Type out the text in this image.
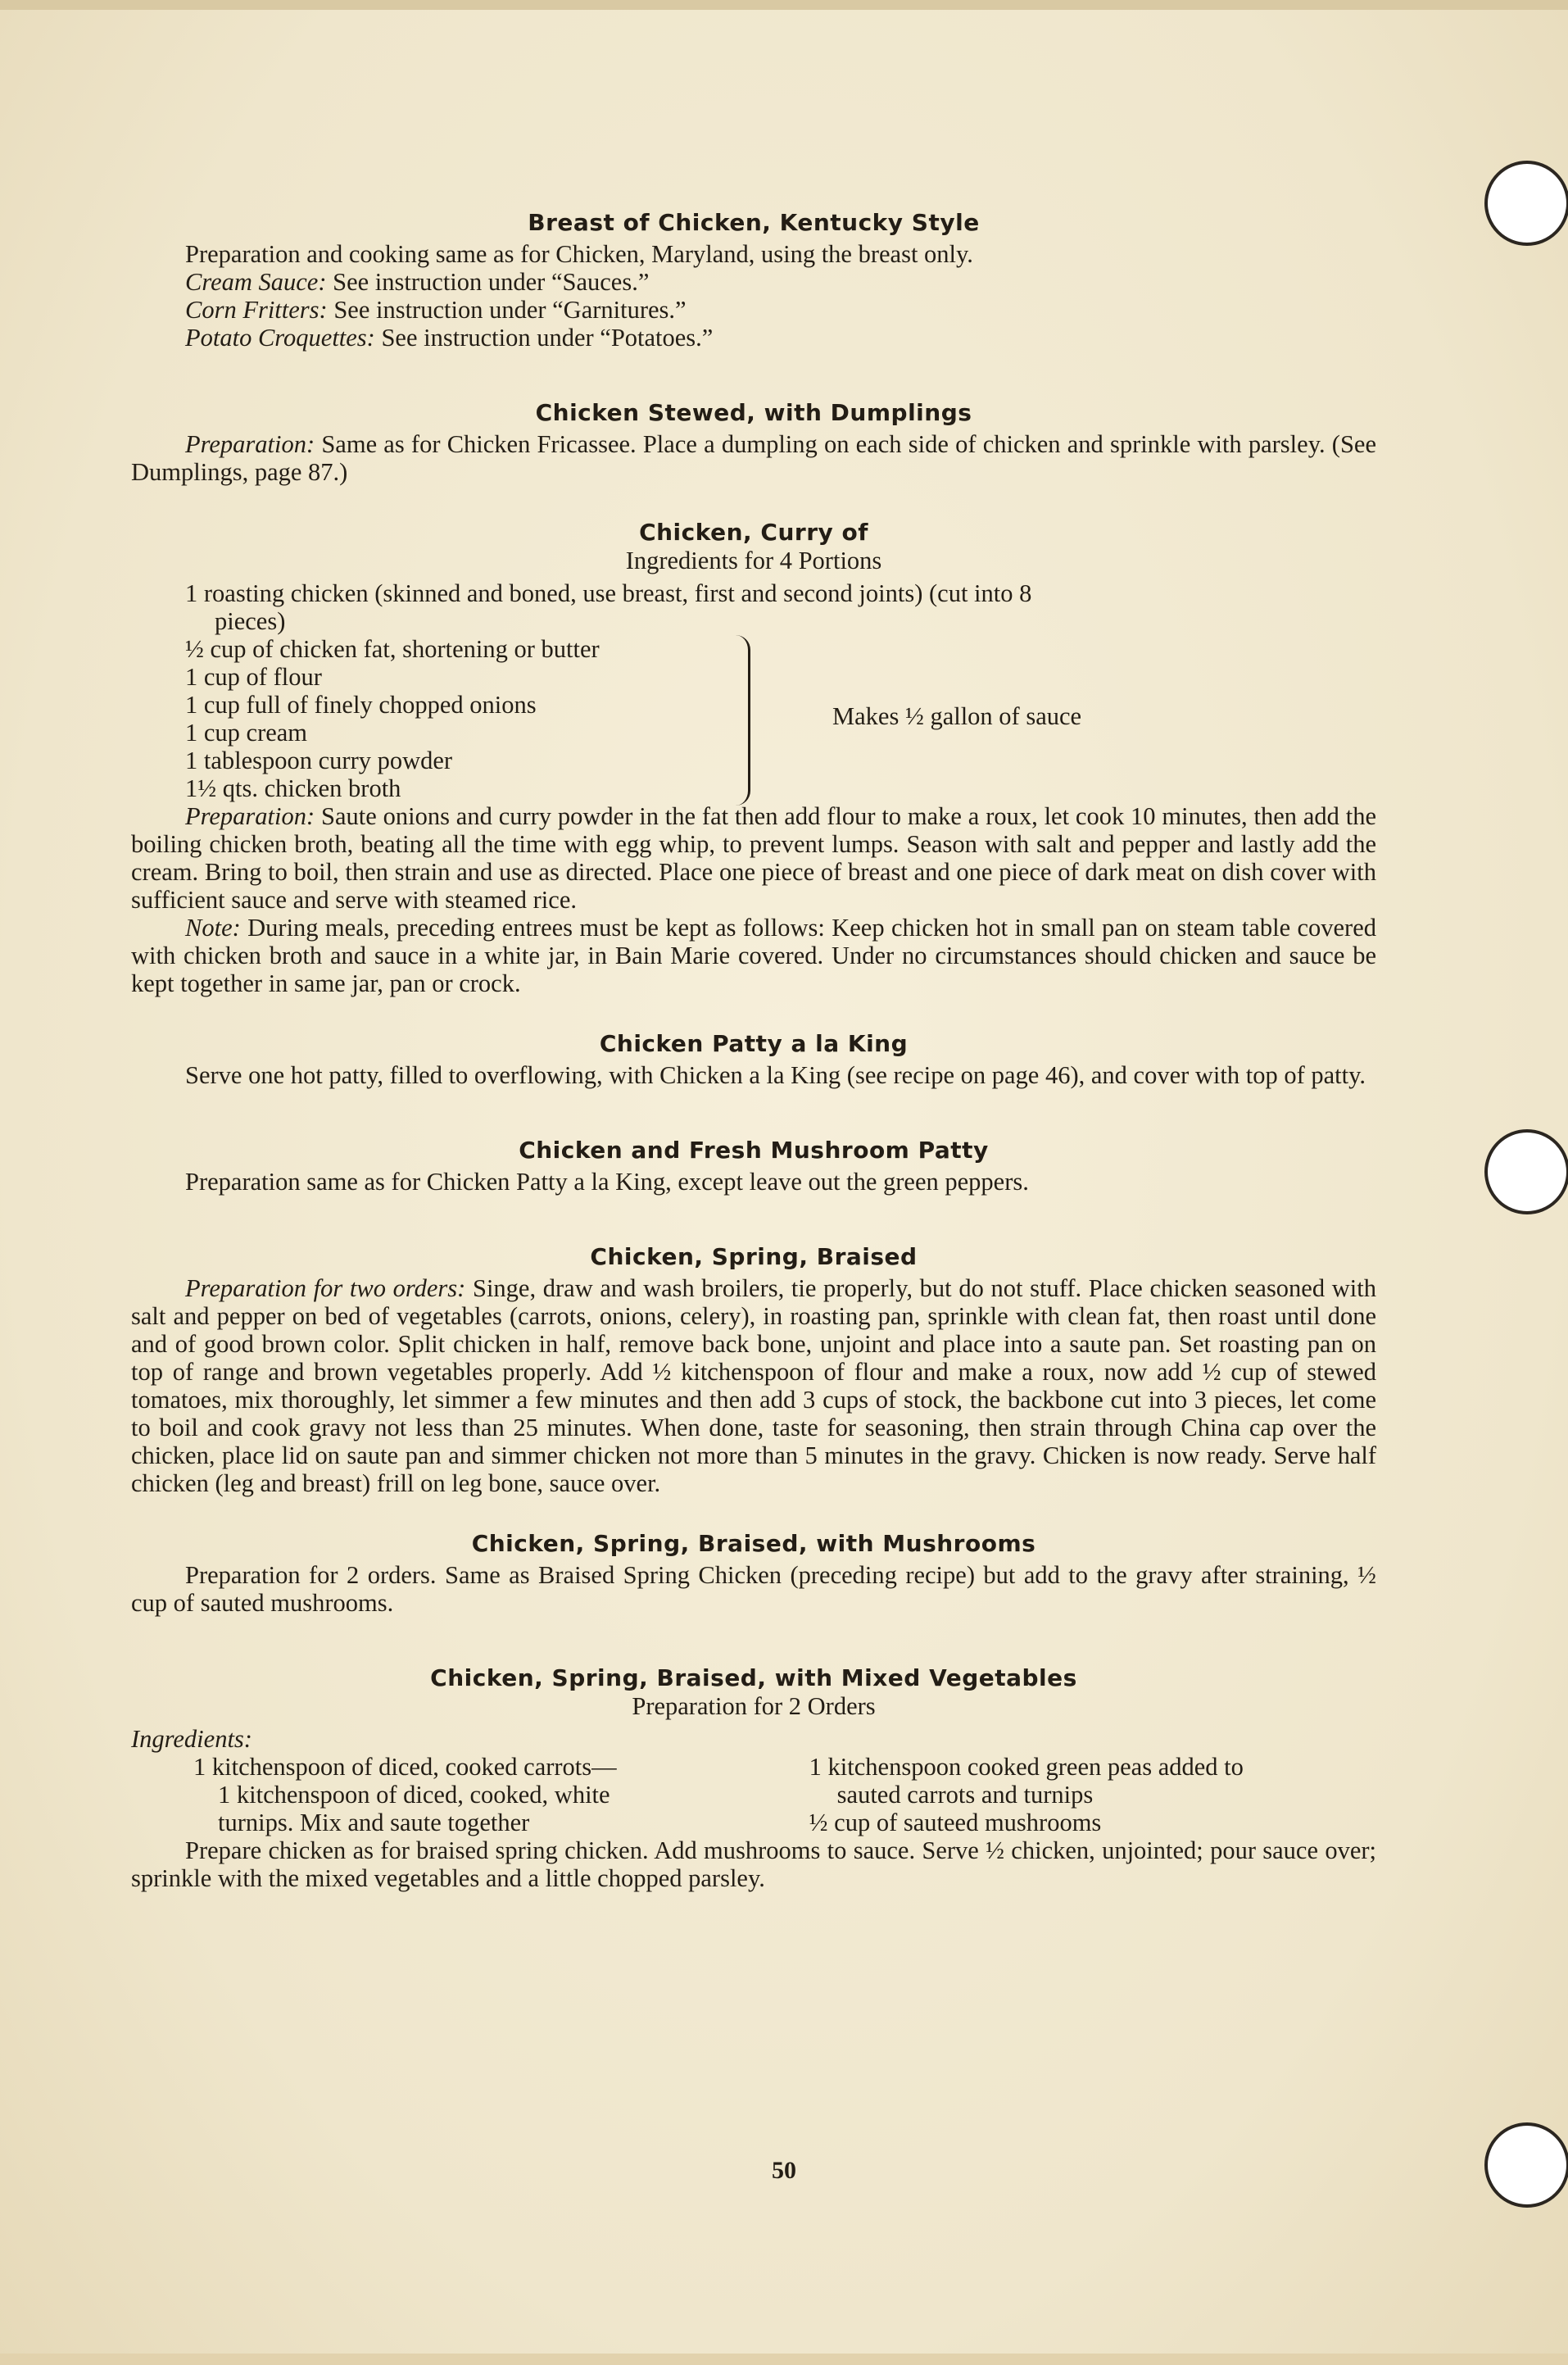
Breast of Chicken, Kentucky Style

Preparation and cooking same as for Chicken, Maryland, using the breast only.

Cream Sauce: See instruction under “Sauces.”

Corn Fritters: See instruction under “Garnitures.”

Potato Croquettes: See instruction under “Potatoes.”

Chicken Stewed, with Dumplings

Preparation: Same as for Chicken Fricassee. Place a dumpling on each side of chicken and sprinkle with parsley. (See Dumplings, page 87.)

Chicken, Curry of
Ingredients for 4 Portions
1 roasting chicken (skinned and boned, use breast, first and second joints) (cut into 8
pieces)
½ cup of chicken fat, shortening or butter
1 cup of flour
1 cup full of finely chopped onions
1 cup cream
1 tablespoon curry powder
1½ qts. chicken broth
Makes ½ gallon of sauce

Preparation: Saute onions and curry powder in the fat then add flour to make a roux, let cook 10 minutes, then add the boiling chicken broth, beating all the time with egg whip, to prevent lumps. Season with salt and pepper and lastly add the cream. Bring to boil, then strain and use as directed. Place one piece of breast and one piece of dark meat on dish cover with sufficient sauce and serve with steamed rice.

Note: During meals, preceding entrees must be kept as follows: Keep chicken hot in small pan on steam table covered with chicken broth and sauce in a white jar, in Bain Marie covered. Under no circumstances should chicken and sauce be kept together in same jar, pan or crock.

Chicken Patty a la King

Serve one hot patty, filled to overflowing, with Chicken a la King (see recipe on page 46), and cover with top of patty.

Chicken and Fresh Mushroom Patty

Preparation same as for Chicken Patty a la King, except leave out the green peppers.

Chicken, Spring, Braised

Preparation for two orders: Singe, draw and wash broilers, tie properly, but do not stuff. Place chicken seasoned with salt and pepper on bed of vegetables (carrots, onions, celery), in roasting pan, sprinkle with clean fat, then roast until done and of good brown color. Split chicken in half, remove back bone, unjoint and place into a saute pan. Set roasting pan on top of range and brown vegetables properly. Add ½ kitchenspoon of flour and make a roux, now add ½ cup of stewed tomatoes, mix thoroughly, let simmer a few minutes and then add 3 cups of stock, the backbone cut into 3 pieces, let come to boil and cook gravy not less than 25 minutes. When done, taste for seasoning, then strain through China cap over the chicken, place lid on saute pan and simmer chicken not more than 5 minutes in the gravy. Chicken is now ready. Serve half chicken (leg and breast) frill on leg bone, sauce over.

Chicken, Spring, Braised, with Mushrooms

Preparation for 2 orders. Same as Braised Spring Chicken (preceding recipe) but add to the gravy after straining, ½ cup of sauted mushrooms.

Chicken, Spring, Braised, with Mixed Vegetables
Preparation for 2 Orders
Ingredients:
1 kitchenspoon of diced, cooked carrots—
1 kitchenspoon of diced, cooked, white
turnips. Mix and saute together
1 kitchenspoon cooked green peas added to
sauted carrots and turnips
½ cup of sauteed mushrooms

Prepare chicken as for braised spring chicken. Add mushrooms to sauce. Serve ½ chicken, unjointed; pour sauce over; sprinkle with the mixed vegetables and a little chopped parsley.

50
